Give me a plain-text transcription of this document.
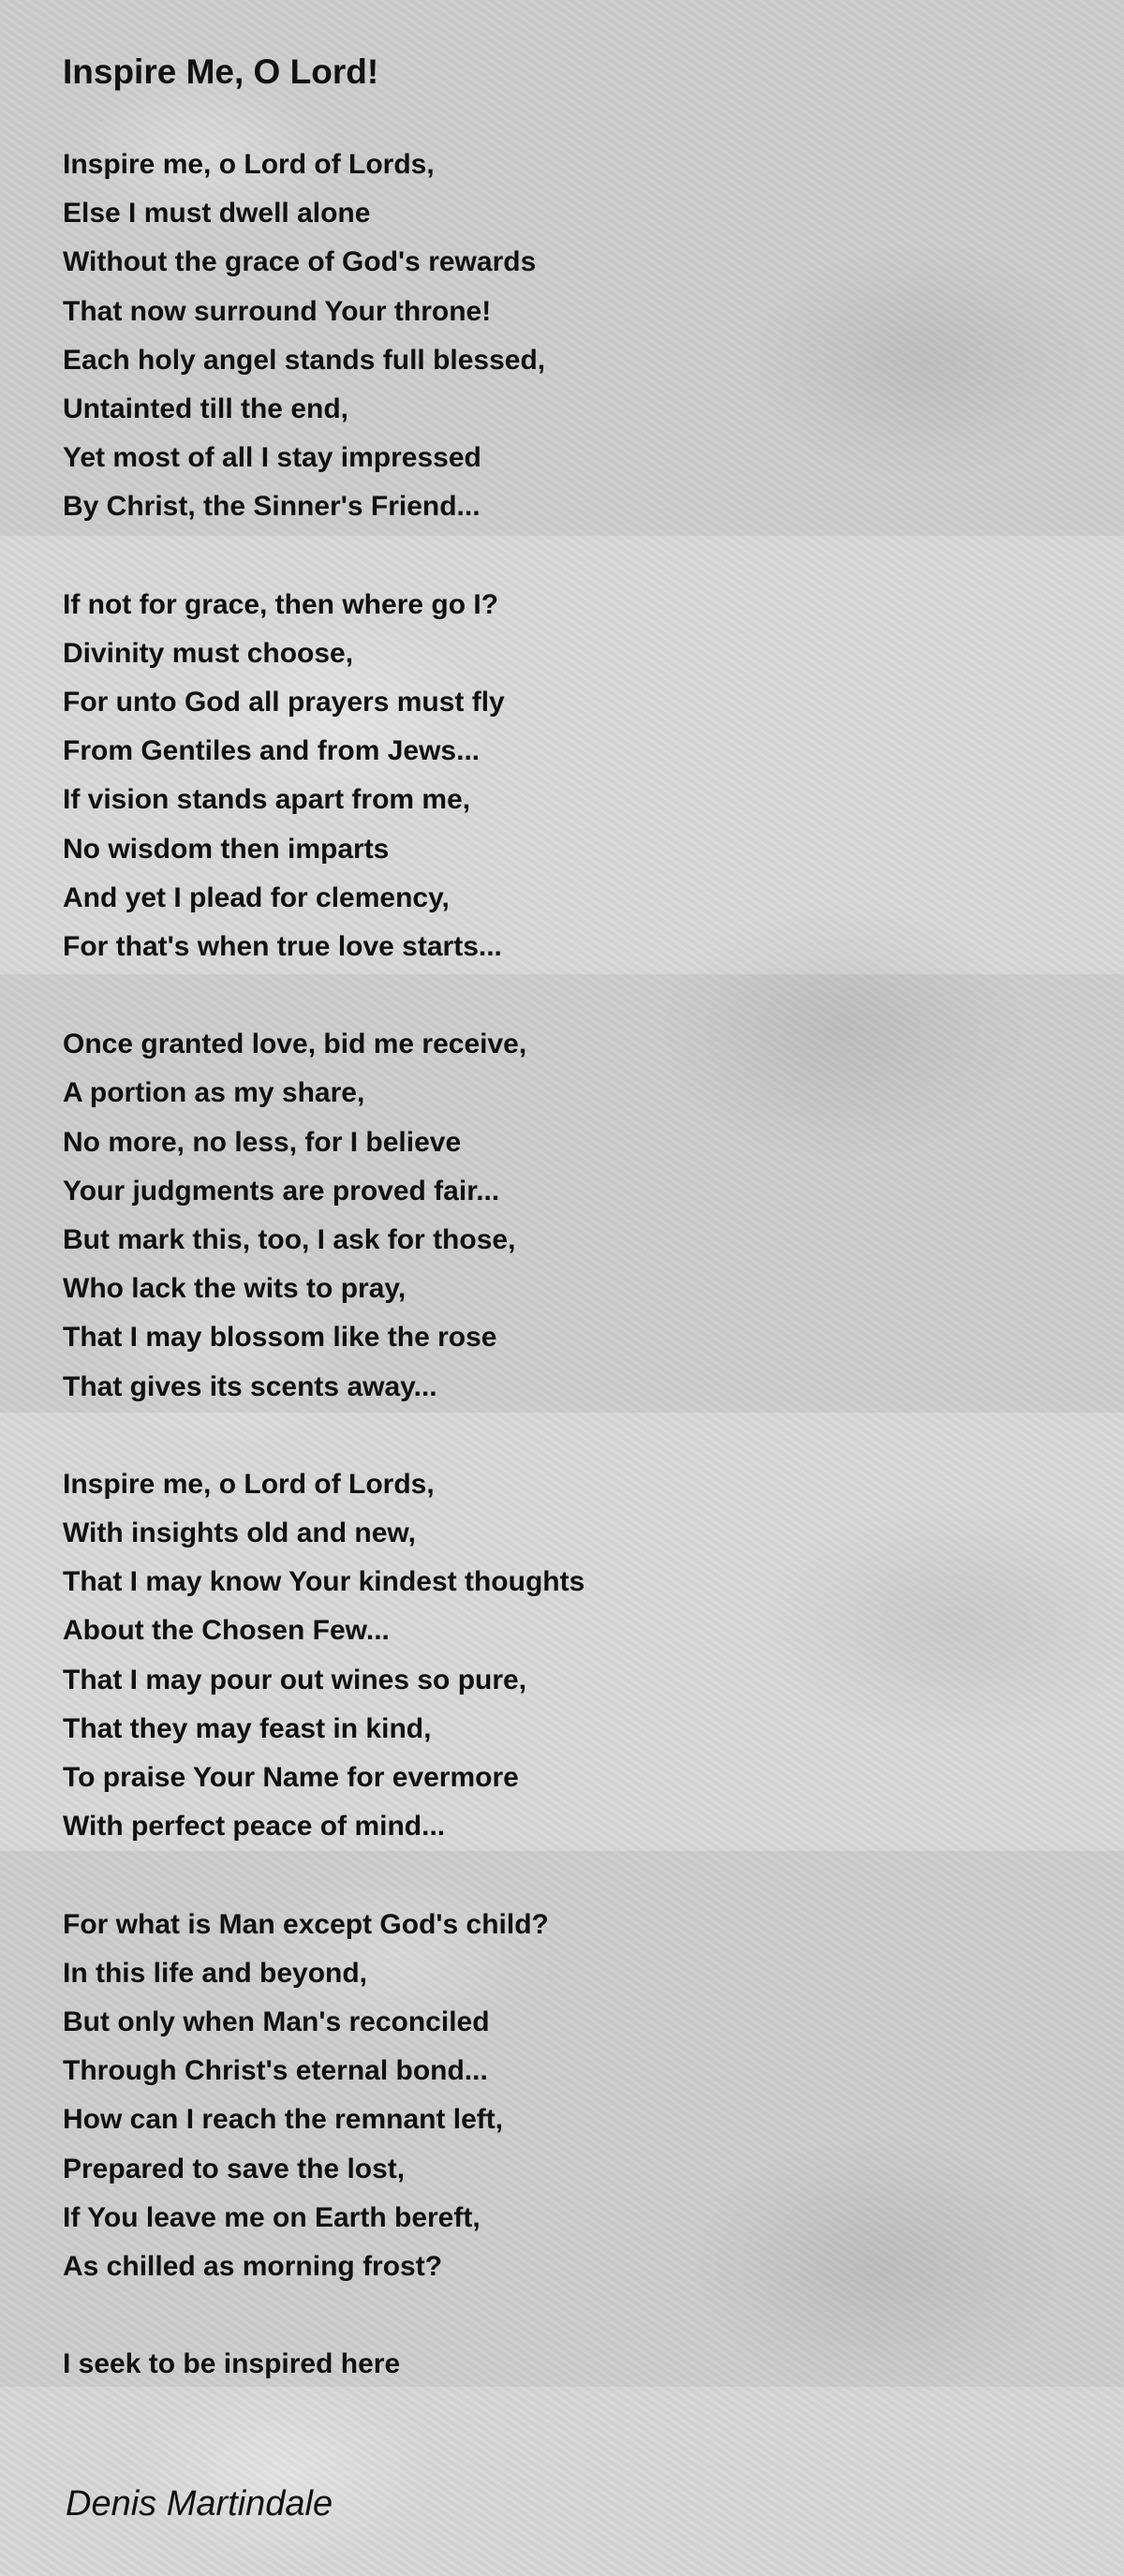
Inspire Me, O Lord!
Inspire me, o Lord of Lords,
Else I must dwell alone
Without the grace of God's rewards
That now surround Your throne!
Each holy angel stands full blessed,
Untainted till the end,
Yet most of all I stay impressed
By Christ, the Sinner's Friend...
If not for grace, then where go I?
Divinity must choose,
For unto God all prayers must fly
From Gentiles and from Jews...
If vision stands apart from me,
No wisdom then imparts
And yet I plead for clemency,
For that's when true love starts...
Once granted love, bid me receive,
A portion as my share,
No more, no less, for I believe
Your judgments are proved fair...
But mark this, too, I ask for those,
Who lack the wits to pray,
That I may blossom like the rose
That gives its scents away...
Inspire me, o Lord of Lords,
With insights old and new,
That I may know Your kindest thoughts
About the Chosen Few...
That I may pour out wines so pure,
That they may feast in kind,
To praise Your Name for evermore
With perfect peace of mind...
For what is Man except God's child?
In this life and beyond,
But only when Man's reconciled
Through Christ's eternal bond...
How can I reach the remnant left,
Prepared to save the lost,
If You leave me on Earth bereft,
As chilled as morning frost?
I seek to be inspired here
Denis Martindale
